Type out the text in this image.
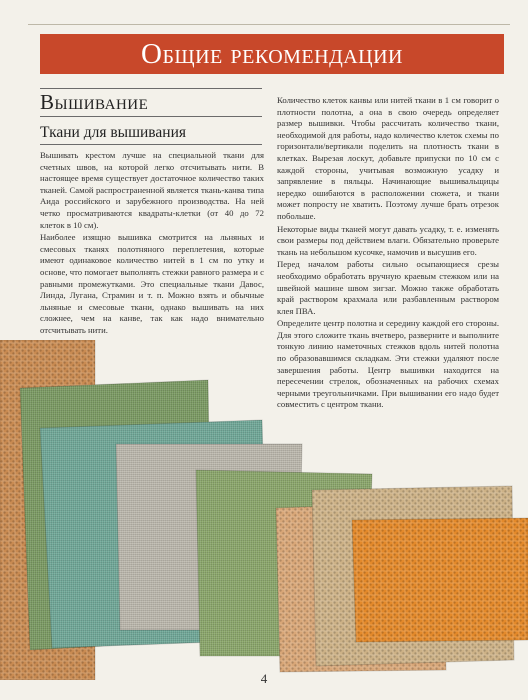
Общие рекомендации
Вышивание
Ткани для вышивания

Вышивать крестом лучше на специальной ткани для счетных швов, на которой легко отсчитывать нити. В настоящее время существует достаточное количество таких тканей. Самой распространенной является ткань-канва типа Аида российского и зарубежного производства. На ней четко просматриваются квадраты-клетки (от 40 до 72 клеток в 10 см).

Наиболее изящно вышивка смотрится на льняных и смесовых тканях полотняного переплетения, которые имеют одинаковое количество нитей в 1 см по утку и основе, что помогает выполнять стежки равного размера и с равными промежутками. Это специальные ткани Давос, Линда, Лугана, Страмин и т. п. Можно взять и обычные льняные и смесовые ткани, однако вышивать на них сложнее, чем на канве, так как надо внимательно отсчитывать нити.

Количество клеток канвы или нитей ткани в 1 см говорит о плотности полотна, а она в свою очередь определяет размер вышивки. Чтобы рассчитать количество ткани, необходимой для работы, надо количество клеток схемы по горизонтали/вертикали поделить на плотность ткани в клетках. Вырезая лоскут, добавьте припуски по 10 см с каждой стороны, учитывая возможную усадку и запрявление в пяльцы. Начинающие вышивальщицы нередко ошибаются в расположении сюжета, и ткани может попросту не хватить. Поэтому лучше брать отрезок побольше.

Некоторые виды тканей могут давать усадку, т. е. изменять свои размеры под действием влаги. Обязательно проверьте ткань на небольшом кусочке, намочив и высушив его.

Перед началом работы сильно осыпающиеся срезы необходимо обработать вручную краевым стежком или на швейной машине швом зигзаг. Можно также обработать край раствором крахмала или разбавленным раствором клея ПВА.

Определите центр полотна и середину каждой его стороны. Для этого сложите ткань вчетверо, разверните и выполните тонкую линию наметочных стежков вдоль нитей полотна по образовавшимся складкам. Эти стежки удаляют после завершения работы. Центр вышивки находится на пересечении стрелок, обозначенных на рабочих схемах черными треугольничками. При вышивании его надо будет совместить с центром ткани.

4
